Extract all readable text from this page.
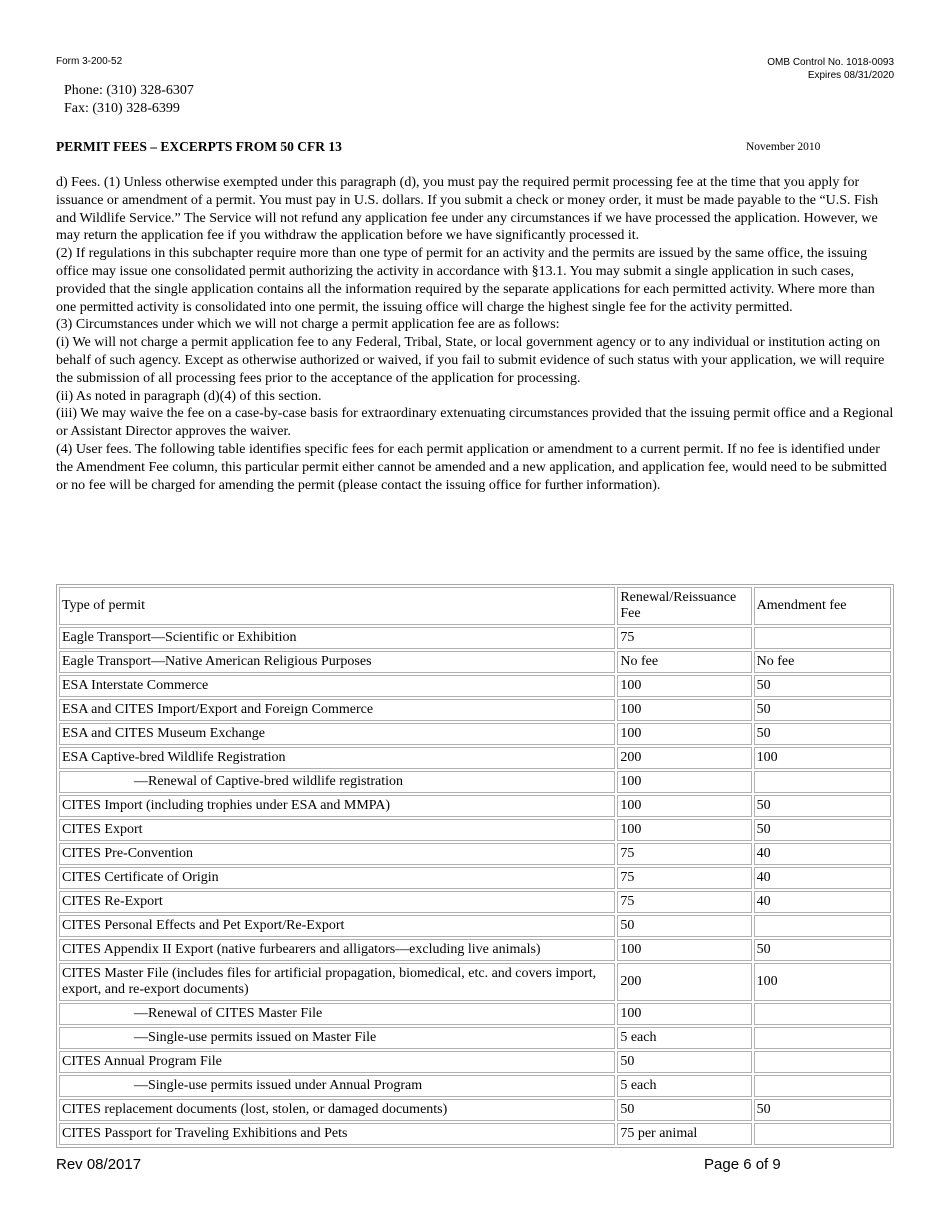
Form 3-200-52	OMB Control No. 1018-0093
Expires 08/31/2020
Phone: (310) 328-6307
Fax: (310) 328-6399
PERMIT FEES – EXCERPTS FROM 50 CFR 13	November 2010

d) Fees. (1) Unless otherwise exempted under this paragraph (d), you must pay the required permit processing fee at the time that you apply for issuance or amendment of a permit. You must pay in U.S. dollars. If you submit a check or money order, it must be made payable to the “U.S. Fish and Wildlife Service.” The Service will not refund any application fee under any circumstances if we have processed the application. However, we may return the application fee if you withdraw the application before we have significantly processed it.

(2) If regulations in this subchapter require more than one type of permit for an activity and the permits are issued by the same office, the issuing office may issue one consolidated permit authorizing the activity in accordance with §13.1. You may submit a single application in such cases, provided that the single application contains all the information required by the separate applications for each permitted activity. Where more than one permitted activity is consolidated into one permit, the issuing office will charge the highest single fee for the activity permitted.

(3) Circumstances under which we will not charge a permit application fee are as follows:

(i) We will not charge a permit application fee to any Federal, Tribal, State, or local government agency or to any individual or institution acting on behalf of such agency. Except as otherwise authorized or waived, if you fail to submit evidence of such status with your application, we will require the submission of all processing fees prior to the acceptance of the application for processing.

(ii) As noted in paragraph (d)(4) of this section.

(iii) We may waive the fee on a case-by-case basis for extraordinary extenuating circumstances provided that the issuing permit office and a Regional or Assistant Director approves the waiver.

(4) User fees. The following table identifies specific fees for each permit application or amendment to a current permit. If no fee is identified under the Amendment Fee column, this particular permit either cannot be amended and a new application, and application fee, would need to be submitted or no fee will be charged for amending the permit (please contact the issuing office for further information).

Type of permit	Renewal/Reissuance Fee	Amendment fee
Eagle Transport—Scientific or Exhibition	75	
Eagle Transport—Native American Religious Purposes	No fee	No fee
ESA Interstate Commerce	100	50
ESA and CITES Import/Export and Foreign Commerce	100	50
ESA and CITES Museum Exchange	100	50
ESA Captive-bred Wildlife Registration	200	100
—Renewal of Captive-bred wildlife registration	100	
CITES Import (including trophies under ESA and MMPA)	100	50
CITES Export	100	50
CITES Pre-Convention	75	40
CITES Certificate of Origin	75	40
CITES Re-Export	75	40
CITES Personal Effects and Pet Export/Re-Export	50	
CITES Appendix II Export (native furbearers and alligators—excluding live animals)	100	50
CITES Master File (includes files for artificial propagation, biomedical, etc. and covers import, export, and re-export documents)	200	100
—Renewal of CITES Master File	100	
—Single-use permits issued on Master File	5 each	
CITES Annual Program File	50	
—Single-use permits issued under Annual Program	5 each	
CITES replacement documents (lost, stolen, or damaged documents)	50	50
CITES Passport for Traveling Exhibitions and Pets	75 per animal	
Rev 08/2017	Page 6 of 9
